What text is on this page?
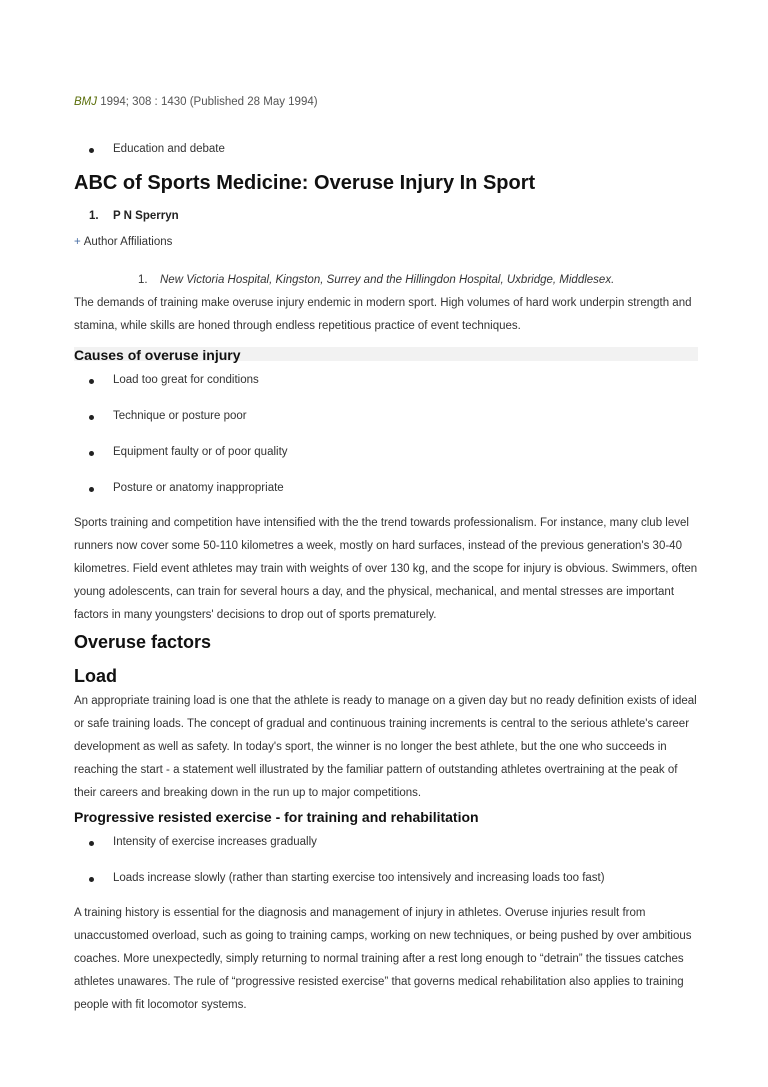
BMJ 1994; 308 : 1430 (Published 28 May 1994)
Education and debate
ABC of Sports Medicine: Overuse Injury In Sport
1. P N Sperryn
+ Author Affiliations
1. New Victoria Hospital, Kingston, Surrey and the Hillingdon Hospital, Uxbridge, Middlesex.

The demands of training make overuse injury endemic in modern sport. High volumes of hard work underpin strength and stamina, while skills are honed through endless repetitious practice of event techniques.

Causes of overuse injury
Load too great for conditions
Technique or posture poor
Equipment faulty or of poor quality
Posture or anatomy inappropriate

Sports training and competition have intensified with the the trend towards professionalism. For instance, many club level runners now cover some 50-110 kilometres a week, mostly on hard surfaces, instead of the previous generation's 30-40 kilometres. Field event athletes may train with weights of over 130 kg, and the scope for injury is obvious. Swimmers, often young adolescents, can train for several hours a day, and the physical, mechanical, and mental stresses are important factors in many youngsters' decisions to drop out of sports prematurely.

Overuse factors
Load

An appropriate training load is one that the athlete is ready to manage on a given day but no ready definition exists of ideal or safe training loads. The concept of gradual and continuous training increments is central to the serious athlete's career development as well as safety. In today's sport, the winner is no longer the best athlete, but the one who succeeds in reaching the start - a statement well illustrated by the familiar pattern of outstanding athletes overtraining at the peak of their careers and breaking down in the run up to major competitions.

Progressive resisted exercise - for training and rehabilitation
Intensity of exercise increases gradually
Loads increase slowly (rather than starting exercise too intensively and increasing loads too fast)

A training history is essential for the diagnosis and management of injury in athletes. Overuse injuries result from unaccustomed overload, such as going to training camps, working on new techniques, or being pushed by over ambitious coaches. More unexpectedly, simply returning to normal training after a rest long enough to “detrain” the tissues catches athletes unawares. The rule of “progressive resisted exercise” that governs medical rehabilitation also applies to training people with fit locomotor systems.
